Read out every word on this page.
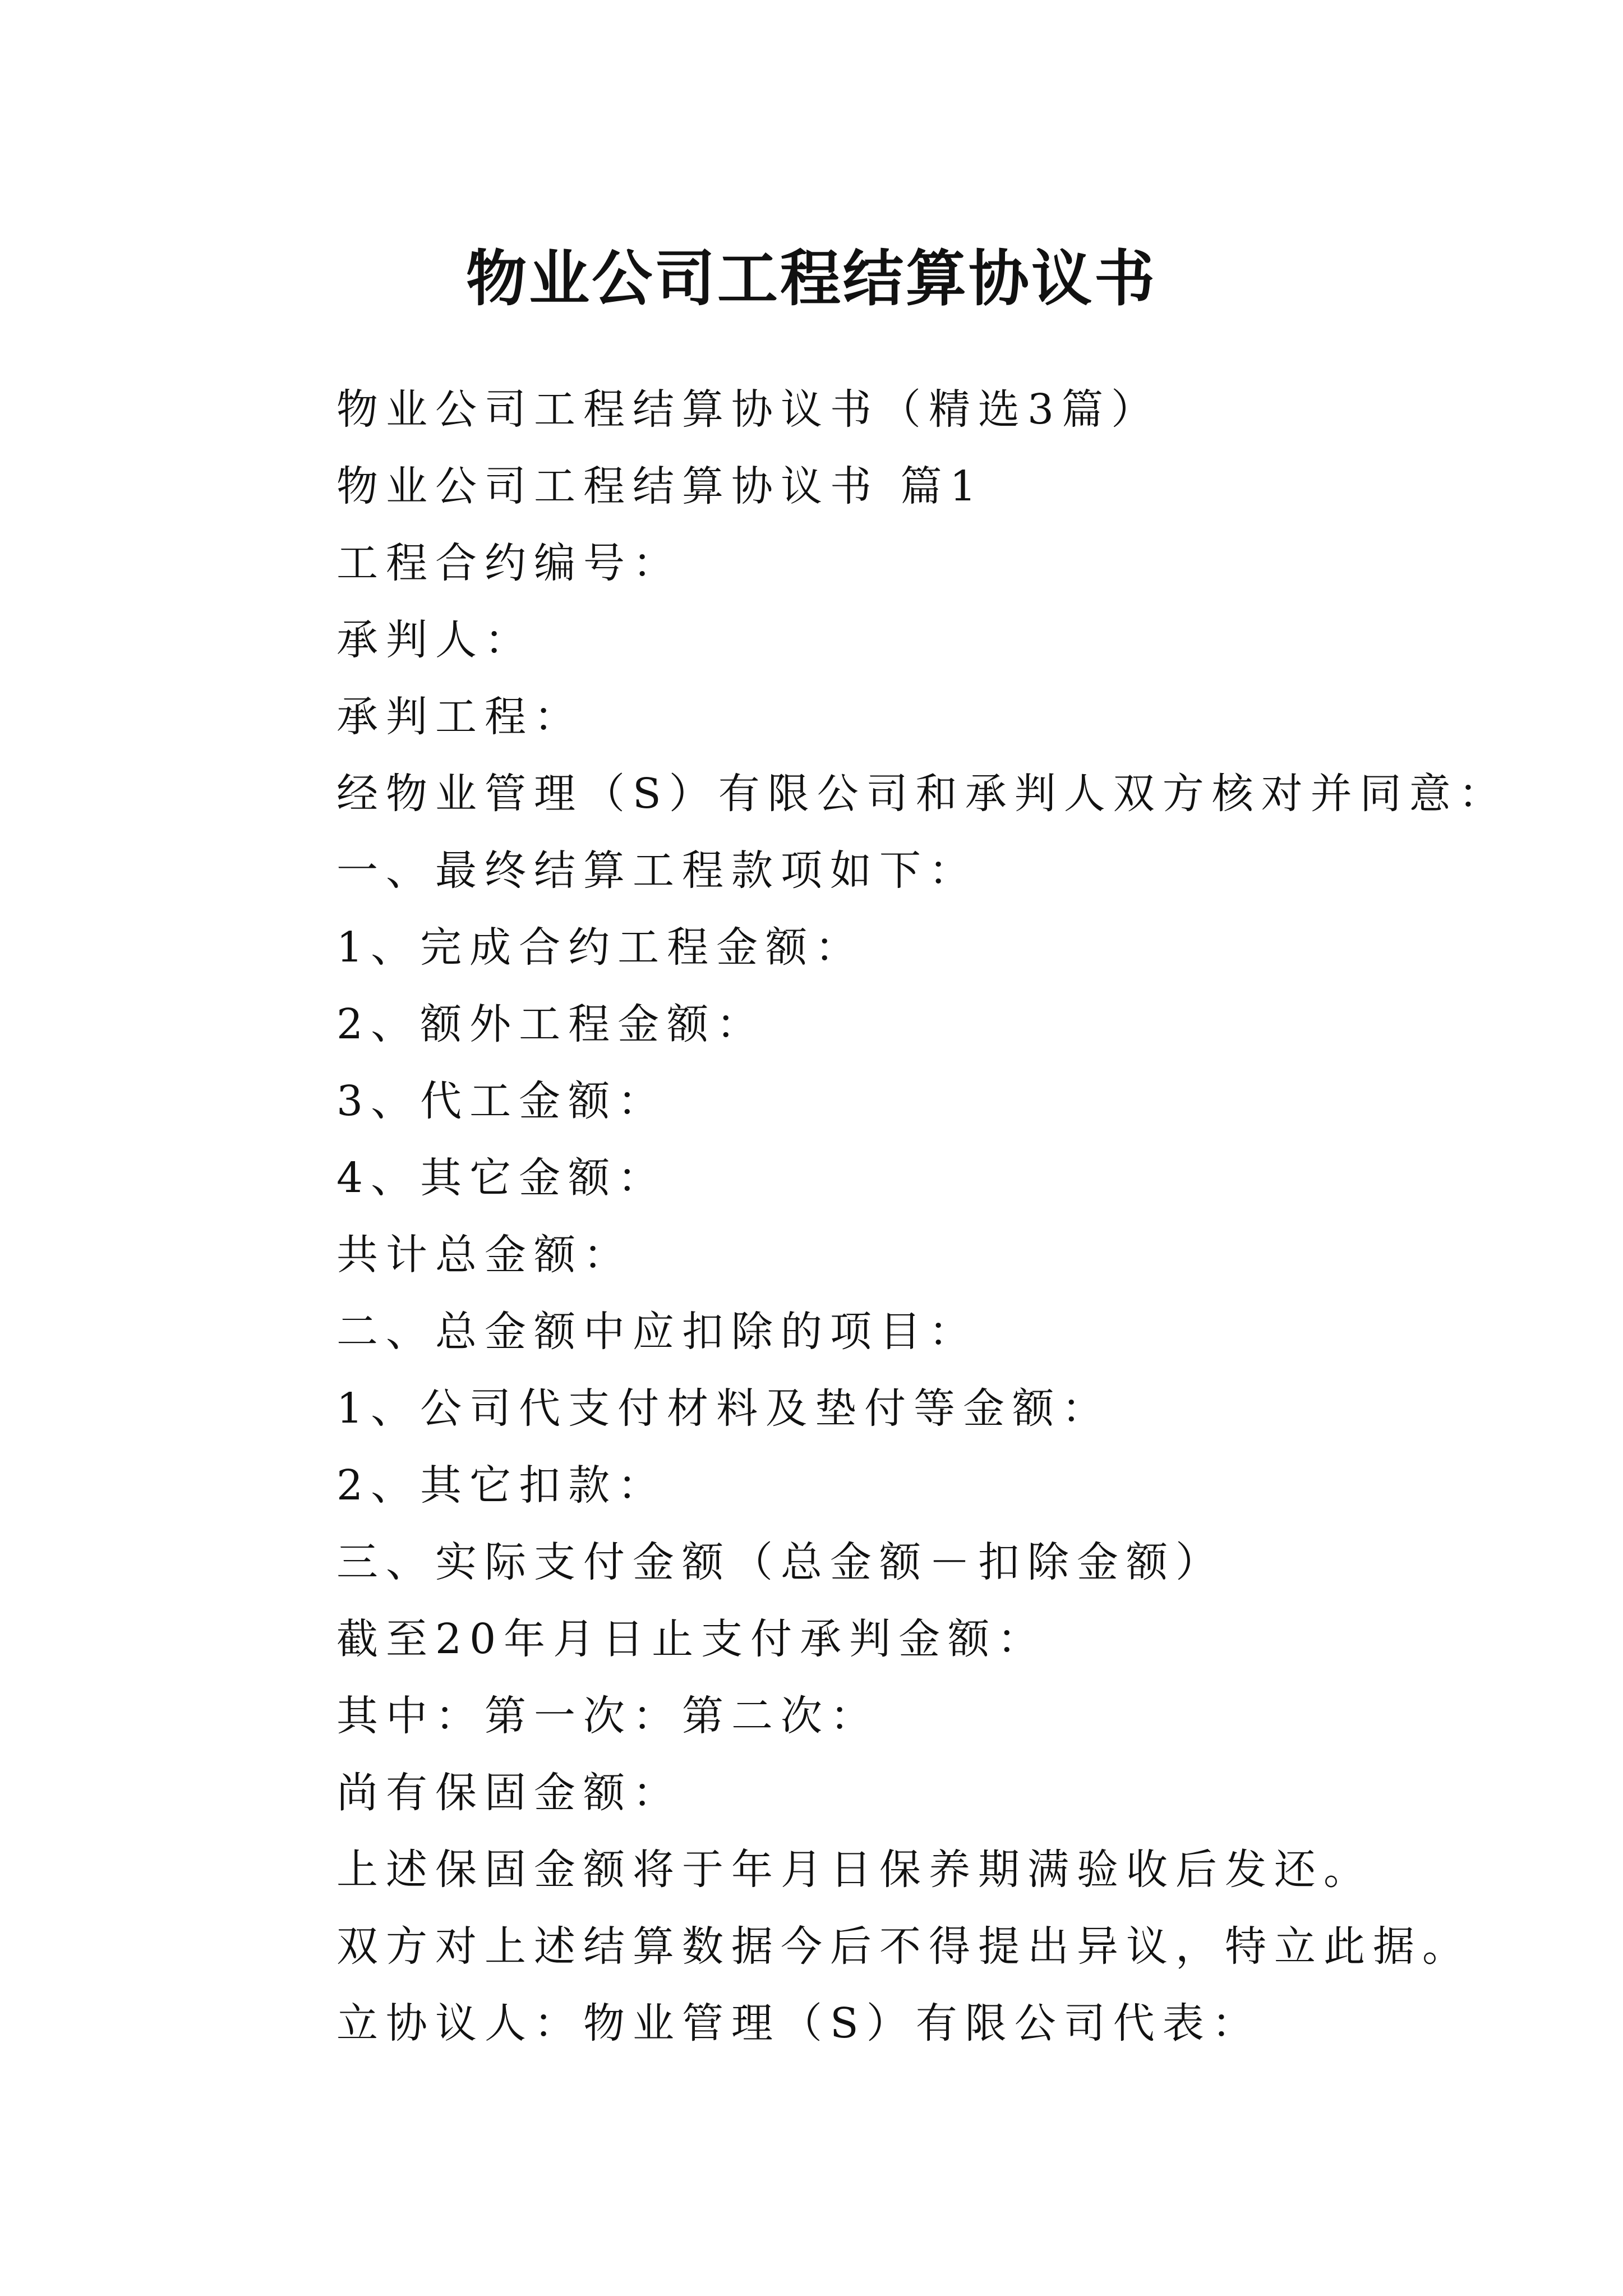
物业公司工程结算协议书
物业公司工程结算协议书（精选3篇）
物业公司工程结算协议书 篇1
工程合约编号：
承判人：
承判工程：
经物业管理（S）有限公司和承判人双方核对并同意：
一、最终结算工程款项如下：
1、完成合约工程金额：
2、额外工程金额：
3、代工金额：
4、其它金额：
共计总金额：
二、总金额中应扣除的项目：
1、公司代支付材料及垫付等金额：
2、其它扣款：
三、实际支付金额（总金额－扣除金额）
截至20年月日止支付承判金额：
其中：第一次：第二次：
尚有保固金额：
上述保固金额将于年月日保养期满验收后发还。
双方对上述结算数据今后不得提出异议，特立此据。
立协议人：物业管理（S）有限公司代表：
